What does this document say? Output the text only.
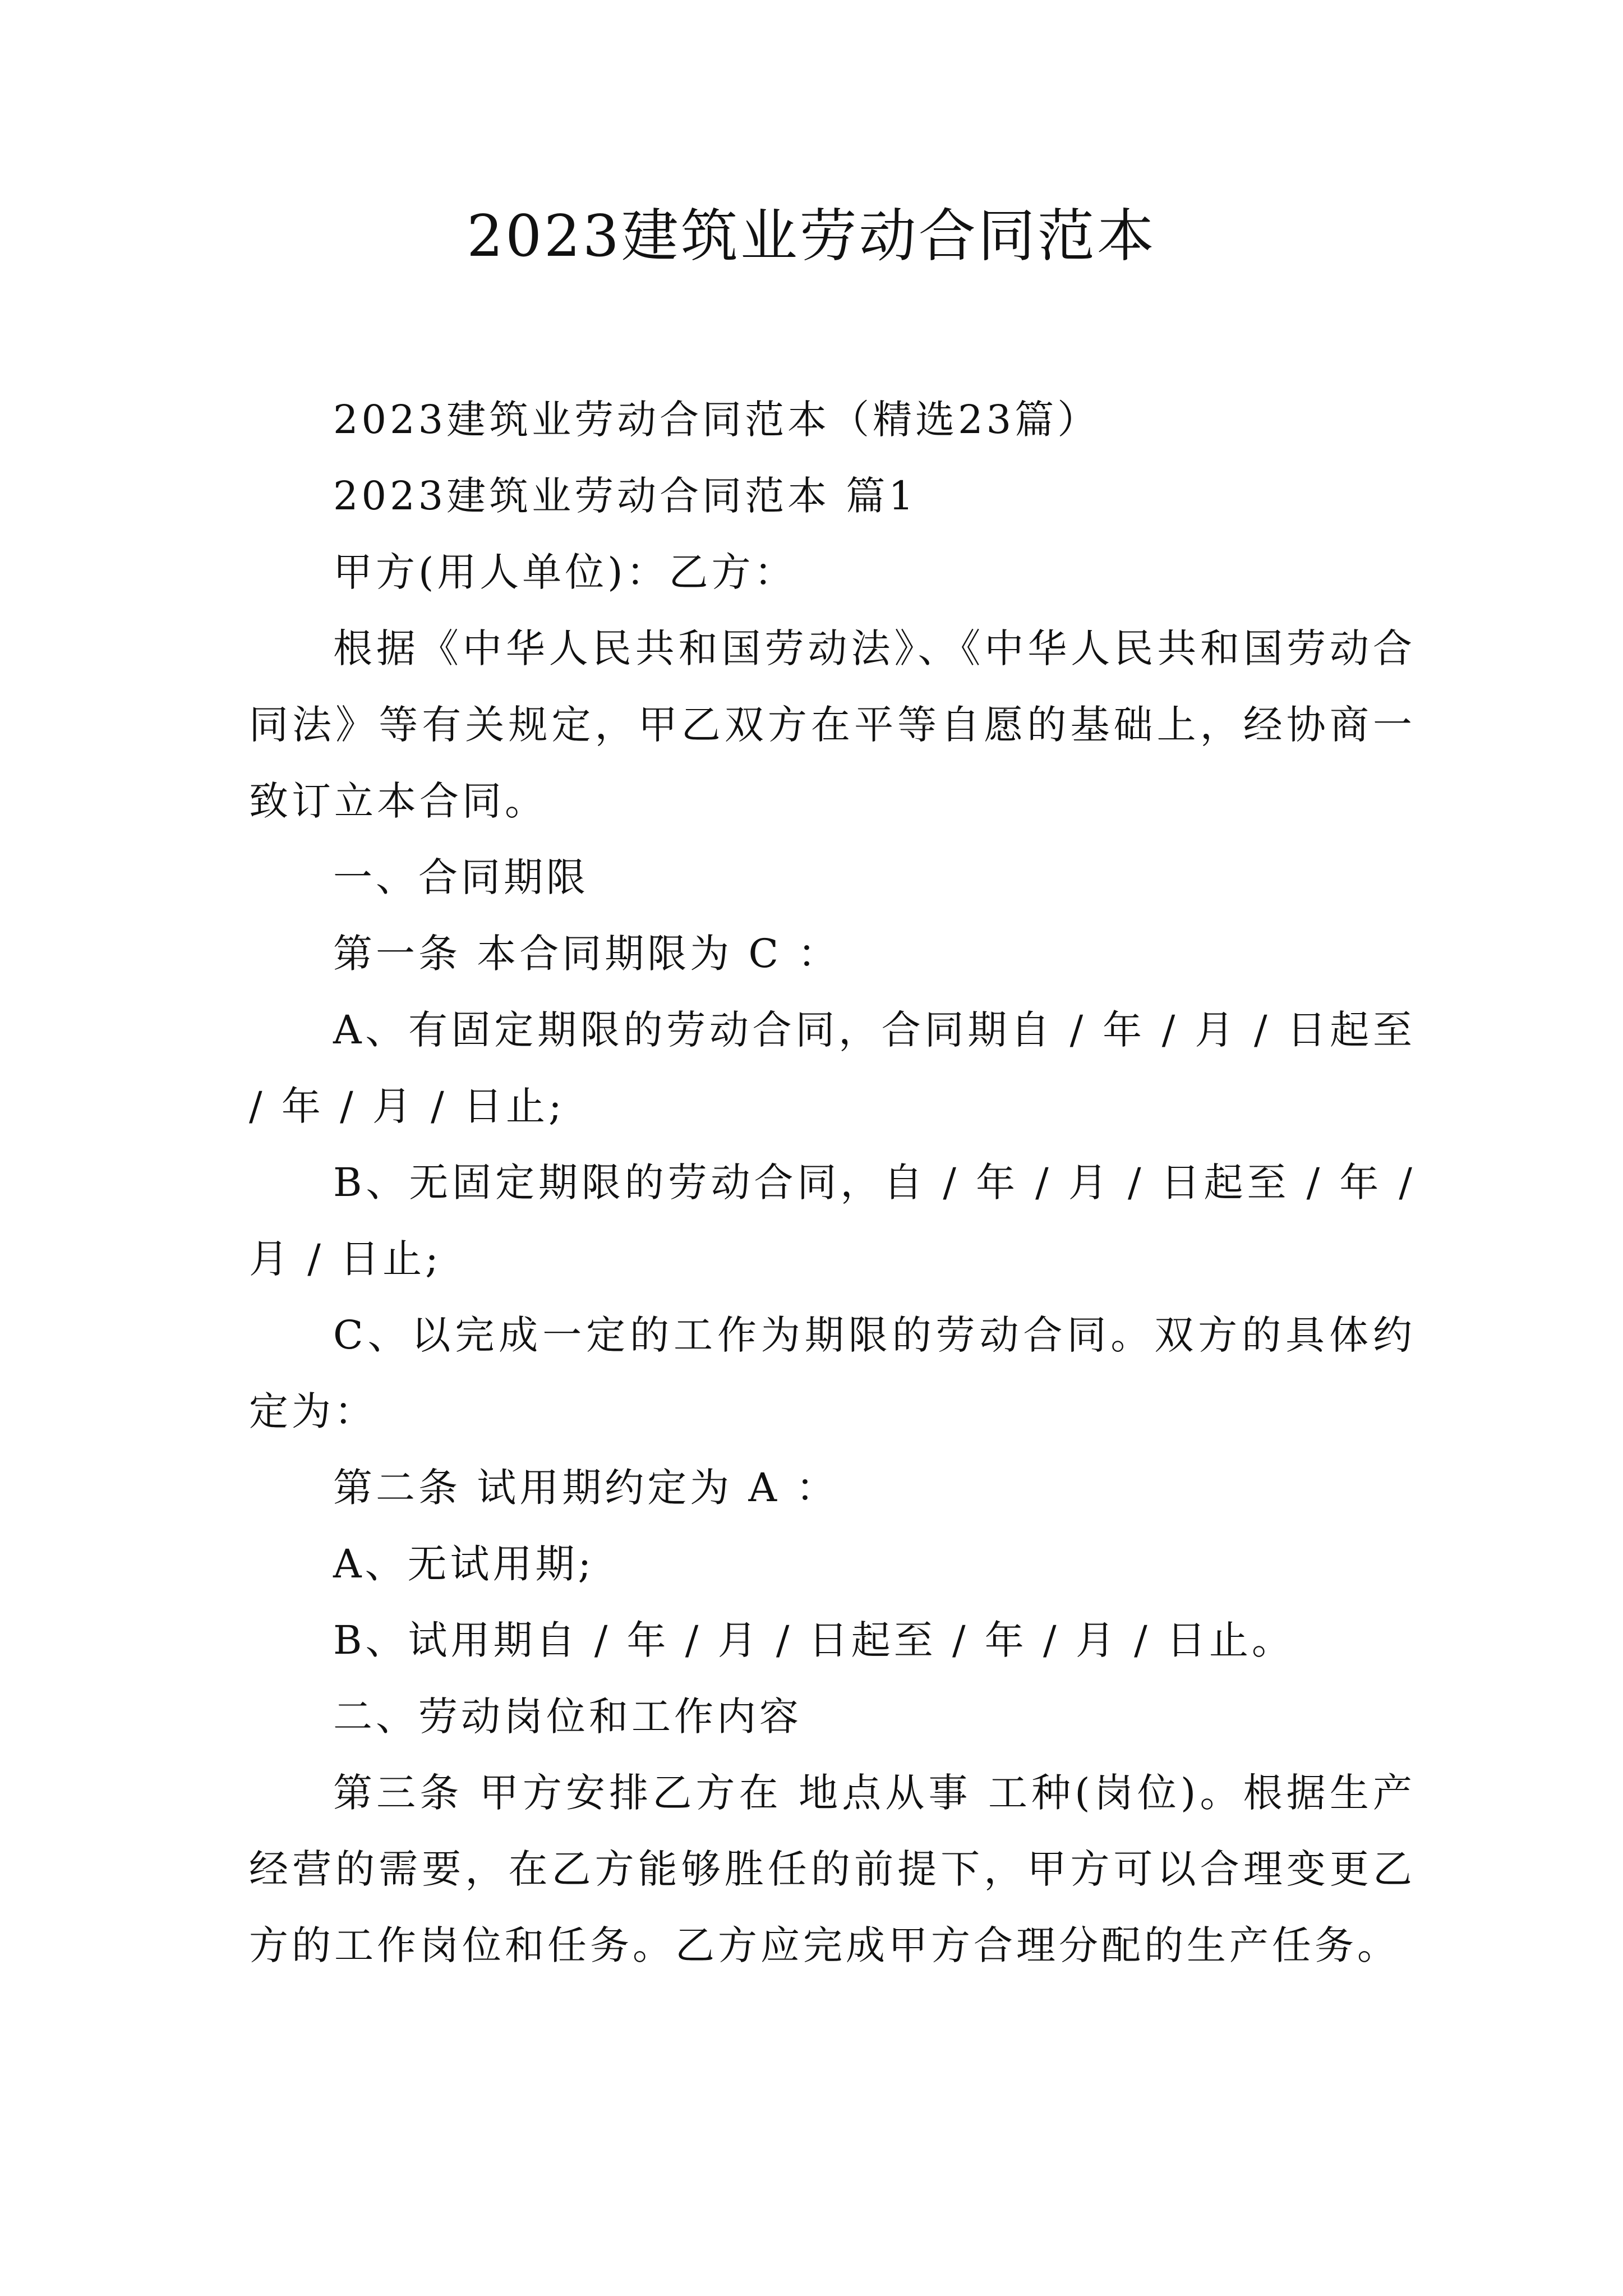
2023建筑业劳动合同范本

2023建筑业劳动合同范本（精选23篇）

2023建筑业劳动合同范本 篇1

甲方(用人单位)：乙方：

根据《中华人民共和国劳动法》、《中华人民共和国劳动合同法》等有关规定，甲乙双方在平等自愿的基础上，经协商一致订立本合同。

一、合同期限

第一条 本合同期限为 C ：

A、有固定期限的劳动合同，合同期自 / 年 / 月 / 日起至 / 年 / 月 / 日止;

B、无固定期限的劳动合同，自 / 年 / 月 / 日起至 / 年 / 月 / 日止;

C、以完成一定的工作为期限的劳动合同。双方的具体约定为：

第二条 试用期约定为 A ：

A、无试用期;

B、试用期自 / 年 / 月 / 日起至 / 年 / 月 / 日止。

二、劳动岗位和工作内容

第三条 甲方安排乙方在 地点从事 工种(岗位)。根据生产经营的需要，在乙方能够胜任的前提下，甲方可以合理变更乙方的工作岗位和任务。乙方应完成甲方合理分配的生产任务。
